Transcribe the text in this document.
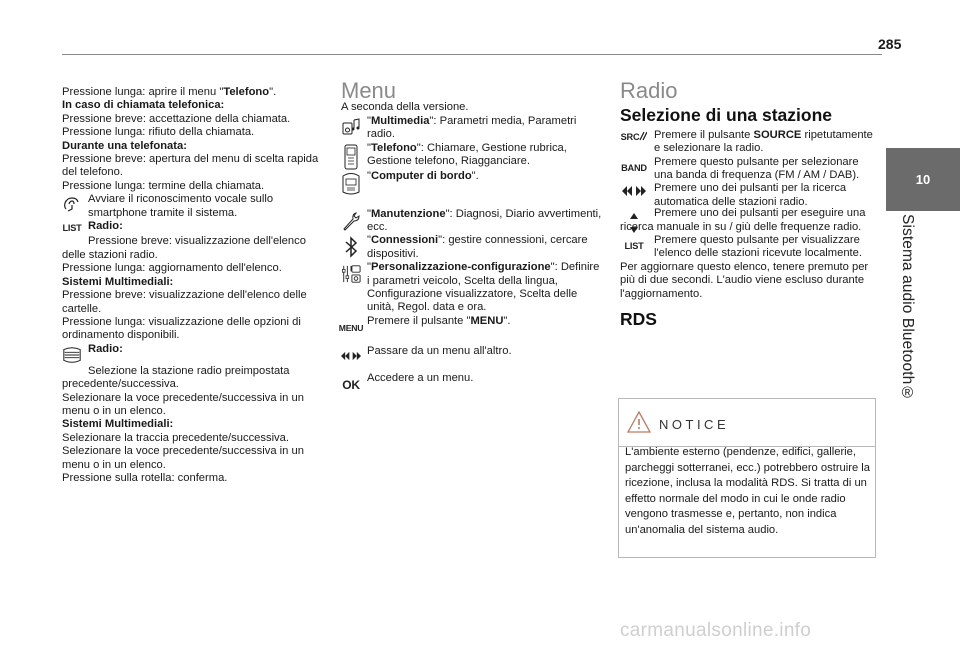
285
10
Sistema audio Bluetooth®

Pressione lunga: aprire il menu "Telefono".

In caso di chiamata telefonica:

Pressione breve: accettazione della chiamata.

Pressione lunga: rifiuto della chiamata.

Durante una telefonata:

Pressione breve: apertura del menu di scelta rapida del telefono.

Pressione lunga: termine della chiamata.

Avviare il riconoscimento vocale sullo smartphone tramite il sistema.
LIST Radio:

Pressione breve: visualizzazione dell'elenco delle stazioni radio.

Pressione lunga: aggiornamento dell'elenco.

Sistemi Multimediali:

Pressione breve: visualizzazione dell'elenco delle cartelle.

Pressione lunga: visualizzazione delle opzioni di ordinamento disponibili.

Radio:

Selezione la stazione radio preimpostata precedente/successiva.

Selezionare la voce precedente/successiva in un menu o in un elenco.

Sistemi Multimediali:

Selezionare la traccia precedente/successiva.

Selezionare la voce precedente/successiva in un menu o in un elenco.

Pressione sulla rotella: conferma.

Menu

A seconda della versione.

"Multimedia": Parametri media, Parametri radio.
"Telefono": Chiamare, Gestione rubrica, Gestione telefono, Riagganciare.
"Computer di bordo".
"Manutenzione": Diagnosi, Diario avvertimenti, ecc.
"Connessioni": gestire connessioni, cercare dispositivi.
"Personalizzazione-configurazione": Definire i parametri veicolo, Scelta della lingua, Configurazione visualizzatore, Scelta delle unità, Regol. data e ora.
MENU
Premere il pulsante "MENU".
Passare da un menu all'altro.
OK Accedere a un menu.

Radio

Selezione di una stazione

SRC Premere il pulsante SOURCE ripetutamente e selezionare la radio.
BAND Premere questo pulsante per selezionare una banda di frequenza (FM / AM / DAB).
Premere uno dei pulsanti per la ricerca automatica delle stazioni radio.

Premere uno dei pulsanti per eseguire una ricerca manuale in su / giù delle frequenze radio.

LIST Premere questo pulsante per visualizzare l'elenco delle stazioni ricevute localmente.

Per aggiornare questo elenco, tenere premuto per più di due secondi. L'audio viene escluso durante l'aggiornamento.

RDS

NOTICE
L'ambiente esterno (pendenze, edifici, gallerie, parcheggi sotterranei, ecc.) potrebbero ostruire la ricezione, inclusa la modalità RDS. Si tratta di un effetto normale del modo in cui le onde radio vengono trasmesse e, pertanto, non indica un'anomalia del sistema audio.
carmanualsonline.info
